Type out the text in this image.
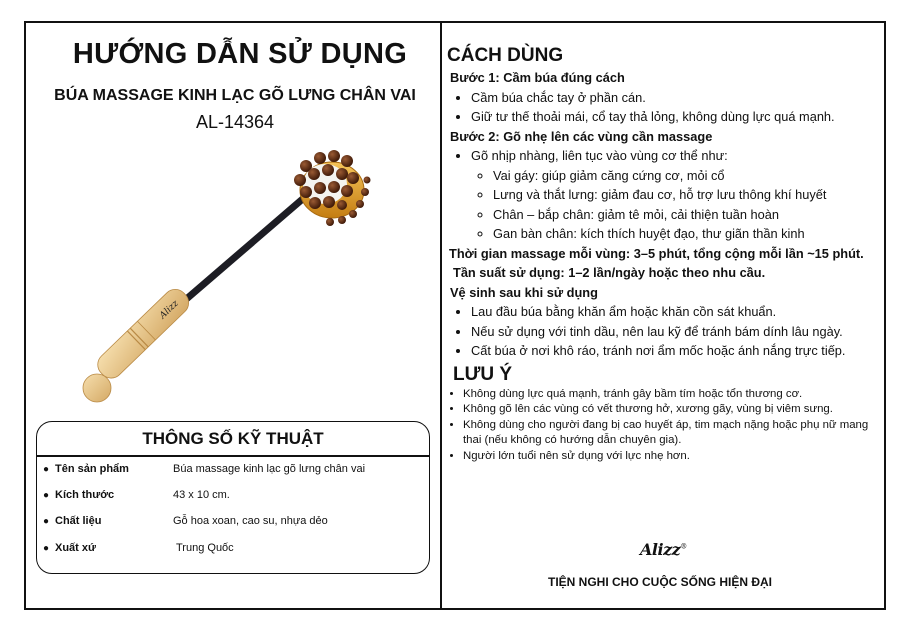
HƯỚNG DẪN SỬ DỤNG
BÚA MASSAGE KINH LẠC GÕ LƯNG CHÂN VAI
AL-14364
Alizz
THÔNG SỐ KỸ THUẬT
● Tên sản phẩm	Búa massage kinh lạc gõ lưng chân vai
● Kích thước	43 x 10 cm.
● Chất liệu	Gỗ hoa xoan, cao su, nhựa dẻo
● Xuất xứ	Trung Quốc
CÁCH DÙNG
Bước 1: Cầm búa đúng cách
• Cầm búa chắc tay ở phần cán.
• Giữ tư thế thoải mái, cổ tay thả lỏng, không dùng lực quá mạnh.
Bước 2: Gõ nhẹ lên các vùng cần massage
• Gõ nhịp nhàng, liên tục vào vùng cơ thể như:
◦ Vai gáy: giúp giảm căng cứng cơ, mỏi cổ
◦ Lưng và thắt lưng: giảm đau cơ, hỗ trợ lưu thông khí huyết
◦ Chân – bắp chân: giảm tê mỏi, cải thiện tuần hoàn
◦ Gan bàn chân: kích thích huyệt đạo, thư giãn thần kinh
Thời gian massage mỗi vùng: 3–5 phút, tổng cộng mỗi lần ~15 phút.
Tần suất sử dụng: 1–2 lần/ngày hoặc theo nhu cầu.
Vệ sinh sau khi sử dụng
• Lau đầu búa bằng khăn ẩm hoặc khăn cồn sát khuẩn.
• Nếu sử dụng với tinh dầu, nên lau kỹ để tránh bám dính lâu ngày.
• Cất búa ở nơi khô ráo, tránh nơi ẩm mốc hoặc ánh nắng trực tiếp.
LƯU Ý
• Không dùng lực quá mạnh, tránh gây bầm tím hoặc tổn thương cơ.
• Không gõ lên các vùng có vết thương hở, xương gãy, vùng bị viêm sưng.
• Không dùng cho người đang bị cao huyết áp, tim mạch nặng hoặc phụ nữ mang thai (nếu không có hướng dẫn chuyên gia).
• Người lớn tuổi nên sử dụng với lực nhẹ hơn.
Alizz®
TIỆN NGHI CHO CUỘC SỐNG HIỆN ĐẠI
